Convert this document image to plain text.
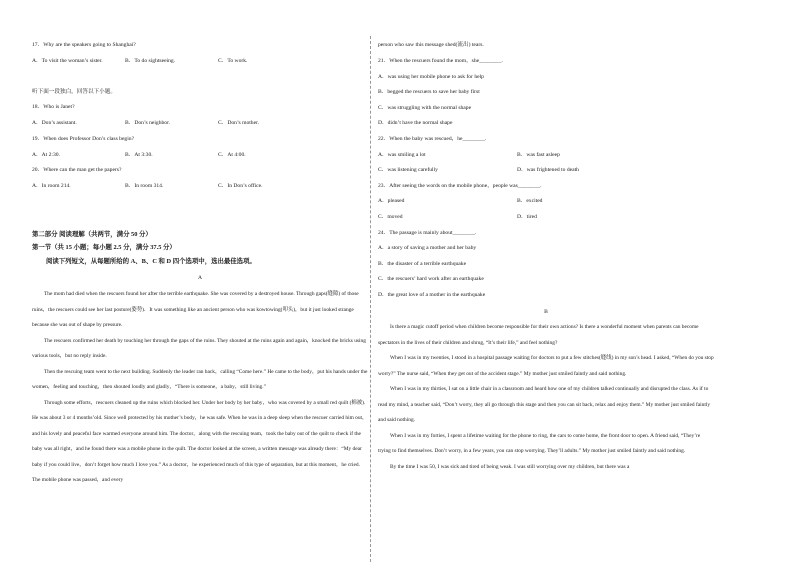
17．Why are the speakers going to Shanghai?
A．To visit the woman’s sister.	B．To do sightseeing.	C．To work.
听下面一段独白，回答以下小题。
18．Who is Janet?
A．Don’s assistant.	B．Don’s neighbor.	C．Don’s mother.
19．When does Professor Don’s class begin?
A．At 2:30.	B．At 3:30.	C．At 4:00.
20．Where can the man get the papers?
A．In room 214.	B．In room 314.	C．In Don’s office.
第二部分 阅读理解（共两节，满分 50 分）
第一节（共 15 小题；每小题 2.5 分，满分 37.5 分）
阅读下列短文，从每题所给的 A、B、C 和 D 四个选项中，选出最佳选项。
A

The mom had died when the rescuers found her after the terrible earthquake. She was covered by a destroyed house. Through gaps(缝隙) of those ruins，the rescuers could see her last posture(姿势)．It was something like an ancient person who was kowtowing(叩头)，but it just looked strange because she was out of shape by pressure.

The rescuers confirmed her death by touching her through the gaps of the ruins. They shouted at the ruins again and again，knocked the bricks using various tools，but no reply inside.

Then the rescuing team went to the next building. Suddenly the leader ran back，calling “Come here.” He came to the body，put his hands under the women，feeling and touching，then shouted loudly and gladly，“There is someone，a baby，still living.”

Through some efforts，rescuers cleaned up the ruins which blocked her. Under her body by her baby，who was covered by a small red quilt (棉被). He was about 3 or 4 months’old. Since well protected by his mother’s body，he was safe. When he was in a deep sleep when the rescuer carried him out，and his lovely and peaceful face warmed everyone around him. The doctor，along with the rescuing team，took the baby out of the quilt to check if the baby was all right，and he found there was a mobile phone in the quilt. The doctor looked at the screen, a written message was already there：“My dear baby if you could live，don’t forget how much I love you.” As a doctor，he experienced much of this type of separation, but at this moment，he cried. The mobile phone was passed，and every

person who saw this message shed(流出) tears.
21．When the rescuers found the mom，she________.
A．was using her mobile phone to ask for help
B．begged the rescuers to save her baby first
C．was struggling with the normal shape
D．didn’t have the normal shape
22．When the baby was rescued，he________.
A．was smiling a lot	B．was fast asleep
C．was listening carefully	D．was frightened to death
23．After seeing the words on the mobile phone，people was________.
A．pleased	B．excited
C．moved	D．tired
24．The passage is mainly about________.
A．a story of saving a mother and her baby
B．the disaster of a terrible earthquake
C．the rescuers’ hard work after an earthquake
D．the great love of a mother in the earthquake
B

Is there a magic cutoff period when children become responsible for their own actions? Is there a wonderful moment when parents can become spectators in the lives of their children and shrug, “It’s their life,” and feel nothing?

When I was in my twenties, I stood in a hospital passage waiting for doctors to put a few stitches(缝线) in my son’s head. I asked, “When do you stop worry?” The nurse said, “When they get out of the accident stage.” My mother just smiled faintly and said nothing.

When I was in my thirties, I sat on a little chair in a classroom and heard how one of my children talked continually and disrupted the class. As if to read my mind, a teacher said, “Don’t worry, they all go through this stage and then you can sit back, relax and enjoy them.” My mother just smiled faintly and said nothing.

When I was in my forties, I spent a lifetime waiting for the phone to ring, the cars to come home, the front door to open. A friend said, “They’re trying to find themselves. Don’t worry, in a few years, you can stop worrying. They’ll adults.” My mother just smiled faintly and said nothing.

By the time I was 50, I was sick and tired of being weak. I was still worrying over my children, but there was a
